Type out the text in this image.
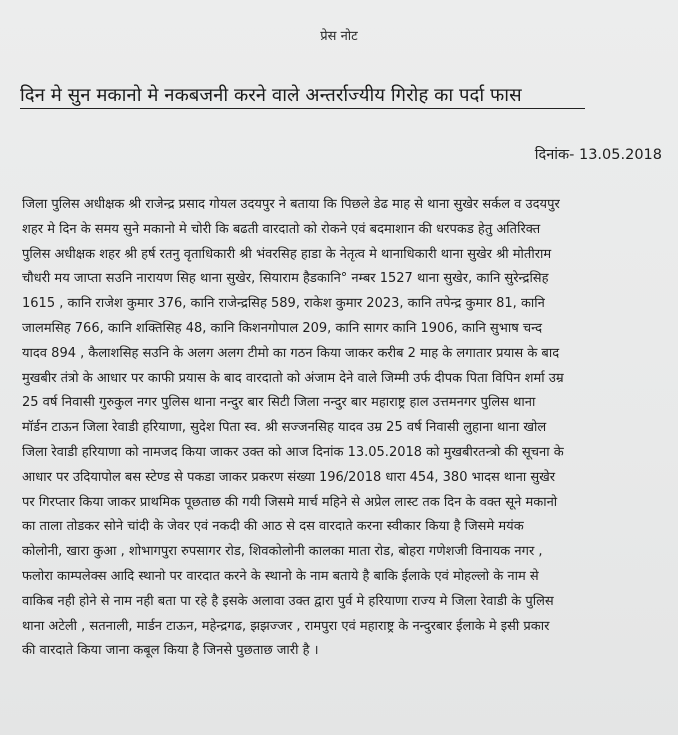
प्रेस नोट
दिन मे सुन मकानो मे नकबजनी करने वाले अन्तर्राज्यीय गिरोह का पर्दा फास
दिनांक- 13.05.2018
जिला पुलिस अधीक्षक श्री राजेन्द्र प्रसाद गोयल उदयपुर ने बताया कि पिछले डेढ माह से थाना सुखेर सर्कल व उदयपुर
शहर मे दिन के समय सुने मकानो मे चोरी कि बढती वारदातो को रोकने एवं बदमाशान की धरपकड हेतु अतिरिक्त
पुलिस अधीक्षक शहर श्री हर्ष रतनु वृताधिकारी श्री भंवरसिह हाडा के नेतृत्व मे थानाधिकारी थाना सुखेर श्री मोतीराम
चौधरी मय जाप्ता सउनि नारायण सिह थाना सुखेर, सियाराम हैडकानि° नम्बर 1527 थाना सुखेर, कानि सुरेन्द्रसिह
1615 , कानि राजेश कुमार 376, कानि राजेन्द्रसिह 589, राकेश कुमार 2023, कानि तपेन्द्र कुमार 81, कानि
जालमसिह 766, कानि शक्तिसिह 48, कानि किशनगोपाल 209, कानि सागर कानि 1906, कानि सुभाष चन्द
यादव 894 , कैलाशसिह सउनि के अलग अलग टीमो का गठन किया जाकर करीब 2 माह के लगातार प्रयास के बाद
मुखबीर तंत्रो के आधार पर काफी प्रयास के बाद वारदातो को अंजाम देने वाले जिम्मी उर्फ दीपक पिता विपिन शर्मा उम्र
25 वर्ष निवासी गुरुकुल नगर पुलिस थाना नन्दुर बार सिटी जिला नन्दुर बार महाराष्ट्र हाल उत्तमनगर पुलिस थाना
मॉर्डन टाऊन जिला रेवाडी हरियाणा, सुदेश पिता स्व. श्री सज्जनसिह यादव उम्र 25 वर्ष निवासी लुहाना थाना खोल
जिला रेवाडी हरियाणा को नामजद किया जाकर उक्त को आज दिनांक 13.05.2018 को मुखबीरतन्त्रो की सूचना के
आधार पर उदियापोल बस स्टेण्ड से पकडा जाकर प्रकरण संख्या 196/2018 धारा 454, 380 भादस थाना सुखेर
पर गिरप्तार किया जाकर प्राथमिक पूछताछ की गयी जिसमे मार्च महिने से अप्रेल लास्ट तक दिन के वक्त सूने मकानो
का ताला तोडकर सोने चांदी के जेवर एवं नकदी की आठ से दस वारदाते करना स्वीकार किया है जिसमे मयंक
कोलोनी, खारा कुआ , शोभागपुरा रुपसागर रोड, शिवकोलोनी कालका माता रोड, बोहरा गणेशजी विनायक नगर ,
फलोरा काम्पलेक्स आदि स्थानो पर वारदात करने के स्थानो के नाम बताये है बाकि ईलाके एवं मोहल्लो के नाम से
वाकिब नही होने से नाम नही बता पा रहे है इसके अलावा उक्त द्वारा पुर्व मे हरियाणा राज्य मे जिला रेवाडी के पुलिस
थाना अटेली , सतनाली, मार्डन टाऊन, महेन्द्रगढ, झझज्जर , रामपुरा एवं महाराष्ट्र के नन्दुरबार ईलाके मे इसी प्रकार
की वारदाते किया जाना कबूल किया है जिनसे पुछताछ जारी है ।
